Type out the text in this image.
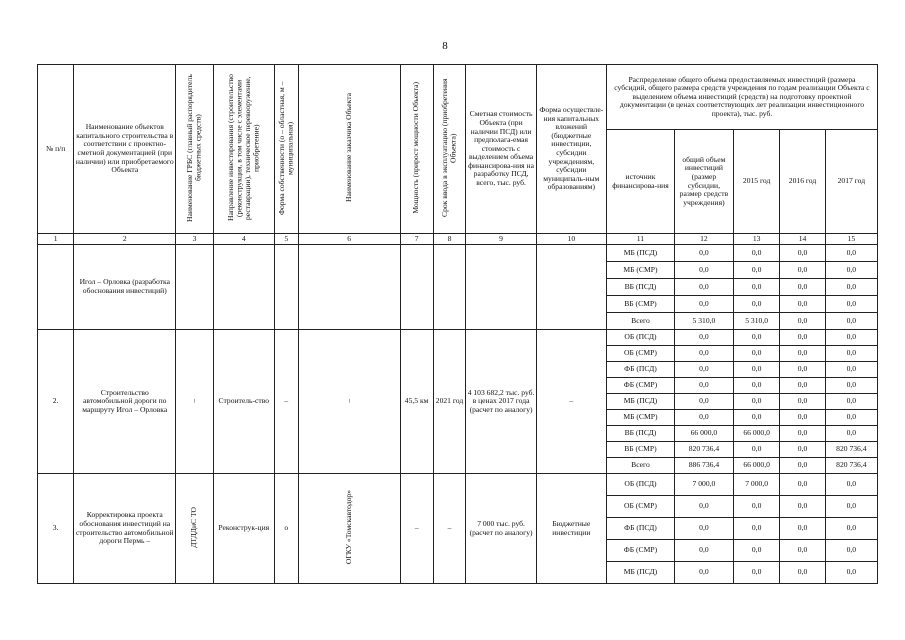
8
№ п/п	Наименование объектов капитального строительства в соответствии с проектно-сметной документацией (при наличии) или приобретаемого Объекта	Наименование ГРБС (главный распорядитель бюджетных средств)	Направление инвестирования (строительство (реконструкция, в том числе с элементами реставрации), техническое перевооружение, приобретение)	Форма собственности (о – областная, м – муниципальная)	Наименование заказчика Объекта	Мощность (прирост мощности Объекта)	Срок ввода в эксплуатацию (приобретения Объекта)	Сметная стоимость Объекта (при наличии ПСД) или предполага-емая стоимость с выделением объема финансирова-ния на разработку ПСД, всего, тыс. руб.	Форма осуществле-ния капитальных вложений (бюджетные инвестиции, субсидии учреждениям, субсидии муниципаль-ным образованиям)	Распределение общего объема предоставляемых инвестиций (размера субсидий, общего размера средств учреждения по годам реализации Объекта с выделением объема инвестиций (средств) на подготовку проектной документации (в ценах соответствующих лет реализации инвестиционного проекта), тыс. руб.				
										источник финансирова-ния	общий объем инвестиций (размер субсидии, размер средств учреждения)	2015 год	2016 год	2017 год
1	2	3	4	5	6	7	8	9	10	11	12	13	14	15
	Игол – Орловка (разработка обоснования инвестиций)									МБ (ПСД)	0,0	0,0	0,0	0,0
										МБ (СМР)	0,0	0,0	0,0	0,0
										ВБ (ПСД)	0,0	0,0	0,0	0,0
										ВБ (СМР)	0,0	0,0	0,0	0,0
										Всего	5 310,0	5 310,0	0,0	0,0
2.	Строительство автомобильной дороги по маршруту Игол – Орловка	–	Строитель-ство	–	–	45,5 км	2021 год	4 103 682,2 тыс. руб. в ценах 2017 года (расчет по аналогу)	–	ОБ (ПСД)	0,0	0,0	0,0	0,0
										ОБ (СМР)	0,0	0,0	0,0	0,0
										ФБ (ПСД)	0,0	0,0	0,0	0,0
										ФБ (СМР)	0,0	0,0	0,0	0,0
										МБ (ПСД)	0,0	0,0	0,0	0,0
										МБ (СМР)	0,0	0,0	0,0	0,0
										ВБ (ПСД)	66 000,0	66 000,0	0,0	0,0
										ВБ (СМР)	820 736,4	0,0	0,0	820 736,4
										Всего	886 736,4	66 000,0	0,0	820 736,4
3.	Корректировка проекта обоснования инвестиций на строительство автомобильной дороги Пермь –	ДТДДиС ТО	Реконструк-ция	о	ОГКУ «Томскавтодор»	–	–	7 000 тыс. руб. (расчет по аналогу)	Бюджетные инвестиции	ОБ (ПСД)	7 000,0	7 000,0	0,0	0,0
										ОБ (СМР)	0,0	0,0	0,0	0,0
										ФБ (ПСД)	0,0	0,0	0,0	0,0
										ФБ (СМР)	0,0	0,0	0,0	0,0
										МБ (ПСД)	0,0	0,0	0,0	0,0
